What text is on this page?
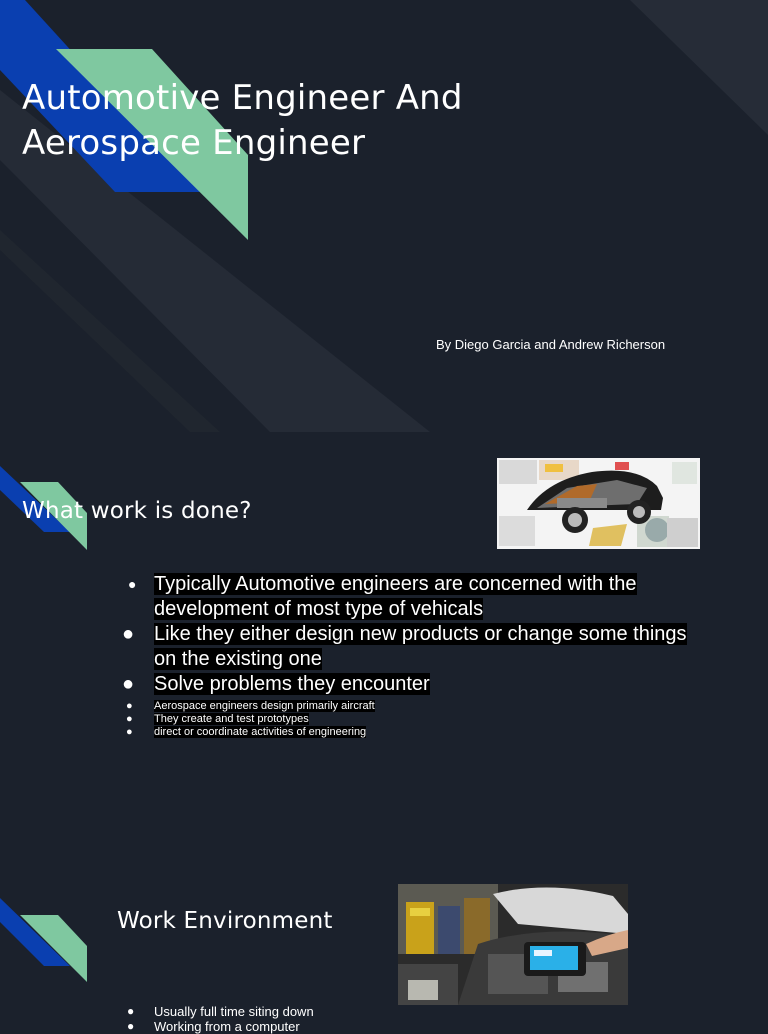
Automotive Engineer And Aerospace Engineer
By Diego Garcia and Andrew Richerson
What work is done?
● Typically Automotive engineers are concerned with the development of most type of vehicals
● Like they either design new products or change some things on the existing one
● Solve problems they encounter
● Aerospace engineers design primarily aircraft
● They create and test prototypes
● direct or coordinate activities of engineering
Work Environment
● Usually full time siting down
● Working from a computer
